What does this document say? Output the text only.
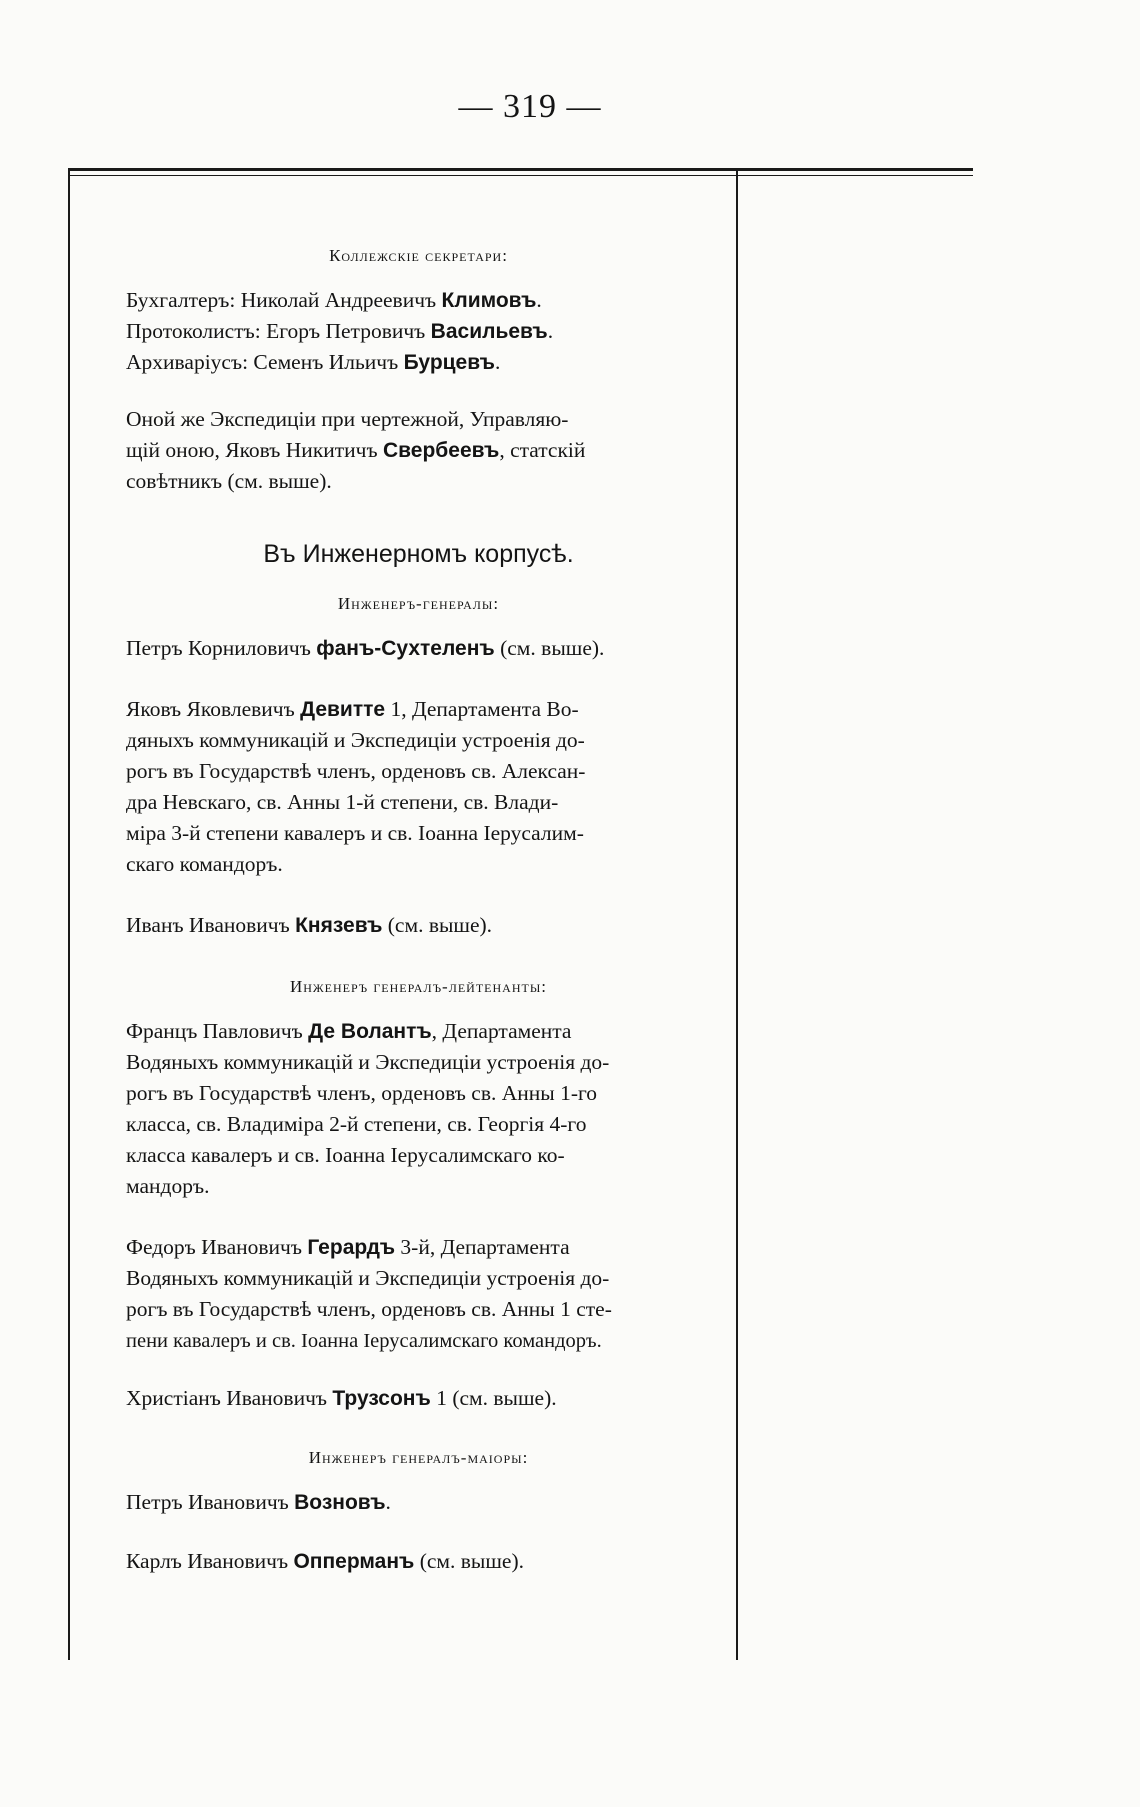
— 319 —
Коллежскіе секретари:

Бухгалтеръ: Николай Андреевичъ Климовъ.
Протоколистъ: Егоръ Петровичъ Васильевъ.
Архиваріусъ: Семенъ Ильичъ Бурцевъ.

Оной же Экспедиціи при чертежной, Управляю-
щій оною, Яковъ Никитичъ Свербеевъ, статскій
совѣтникъ (см. выше).

Въ Инженерномъ корпусѣ.
Инженеръ-генералы:

Петръ Корниловичъ фанъ-Сухтеленъ (см. выше).

Яковъ Яковлевичъ Девитте 1, Департамента Во-
дяныхъ коммуникацій и Экспедиціи устроенія до-
рогъ въ Государствѣ членъ, орденовъ св. Алексан-
дра Невскаго, св. Анны 1-й степени, св. Влади-
міра 3-й степени кавалеръ и св. Іоанна Іерусалим-
скаго командоръ.

Иванъ Ивановичъ Князевъ (см. выше).

Инженеръ генералъ-лейтенанты:

Францъ Павловичъ Де Волантъ, Департамента
Водяныхъ коммуникацій и Экспедиціи устроенія до-
рогъ въ Государствѣ членъ, орденовъ св. Анны 1-го
класса, св. Владиміра 2-й степени, св. Георгія 4-го
класса кавалеръ и св. Іоанна Іерусалимскаго ко-
мандоръ.

Федоръ Ивановичъ Герардъ 3-й, Департамента
Водяныхъ коммуникацій и Экспедиціи устроенія до-
рогъ въ Государствѣ членъ, орденовъ св. Анны 1 сте-
пени кавалеръ и св. Іоанна Іерусалимскаго командоръ.

Христіанъ Ивановичъ Трузсонъ 1 (см. выше).

Инженеръ генералъ-маіоры:

Петръ Ивановичъ Возновъ.

Карлъ Ивановичъ Опперманъ (см. выше).
